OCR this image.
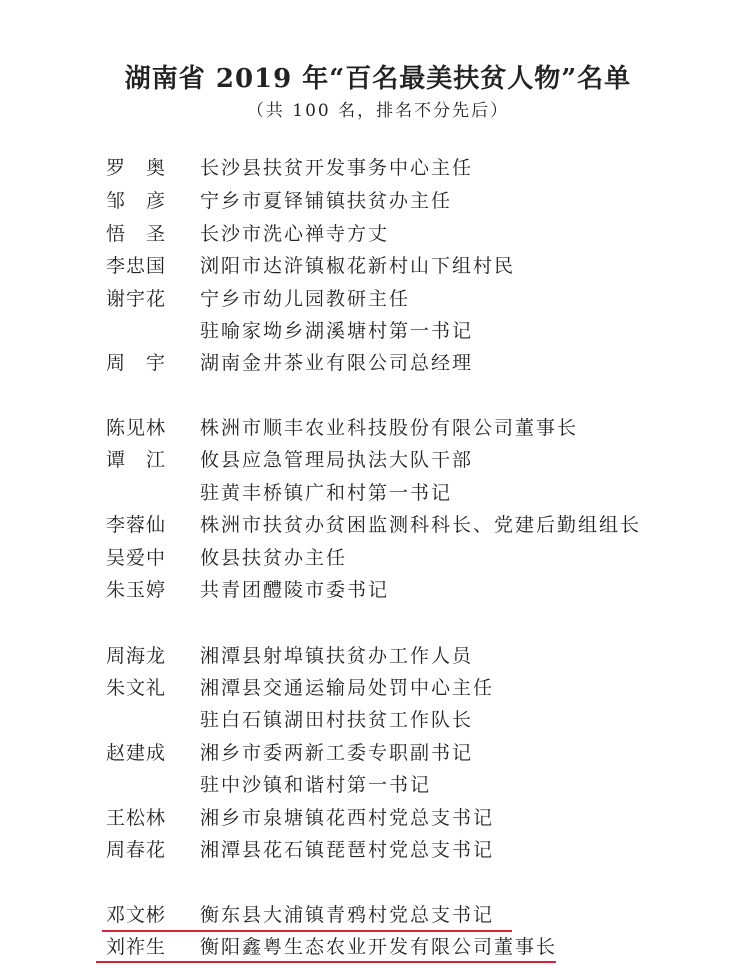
湖南省 2019 年“百名最美扶贫人物”名单
（共 100 名，排名不分先后）
罗　奥 长沙县扶贫开发事务中心主任
邹　彦 宁乡市夏铎铺镇扶贫办主任
悟　圣 长沙市洗心禅寺方丈
李忠国 浏阳市达浒镇椒花新村山下组村民
谢宇花 宁乡市幼儿园教研主任
驻喻家坳乡湖溪塘村第一书记
周　宇 湖南金井茶业有限公司总经理
陈见林 株洲市顺丰农业科技股份有限公司董事长
谭　江 攸县应急管理局执法大队干部
驻黄丰桥镇广和村第一书记
李蓉仙 株洲市扶贫办贫困监测科科长、党建后勤组组长
吴爱中 攸县扶贫办主任
朱玉婷 共青团醴陵市委书记
周海龙 湘潭县射埠镇扶贫办工作人员
朱文礼 湘潭县交通运输局处罚中心主任
驻白石镇湖田村扶贫工作队长
赵建成 湘乡市委两新工委专职副书记
驻中沙镇和谐村第一书记
王松林 湘乡市泉塘镇花西村党总支书记
周春花 湘潭县花石镇琵琶村党总支书记
邓文彬 衡东县大浦镇青鸦村党总支书记
刘祚生 衡阳鑫粤生态农业开发有限公司董事长
